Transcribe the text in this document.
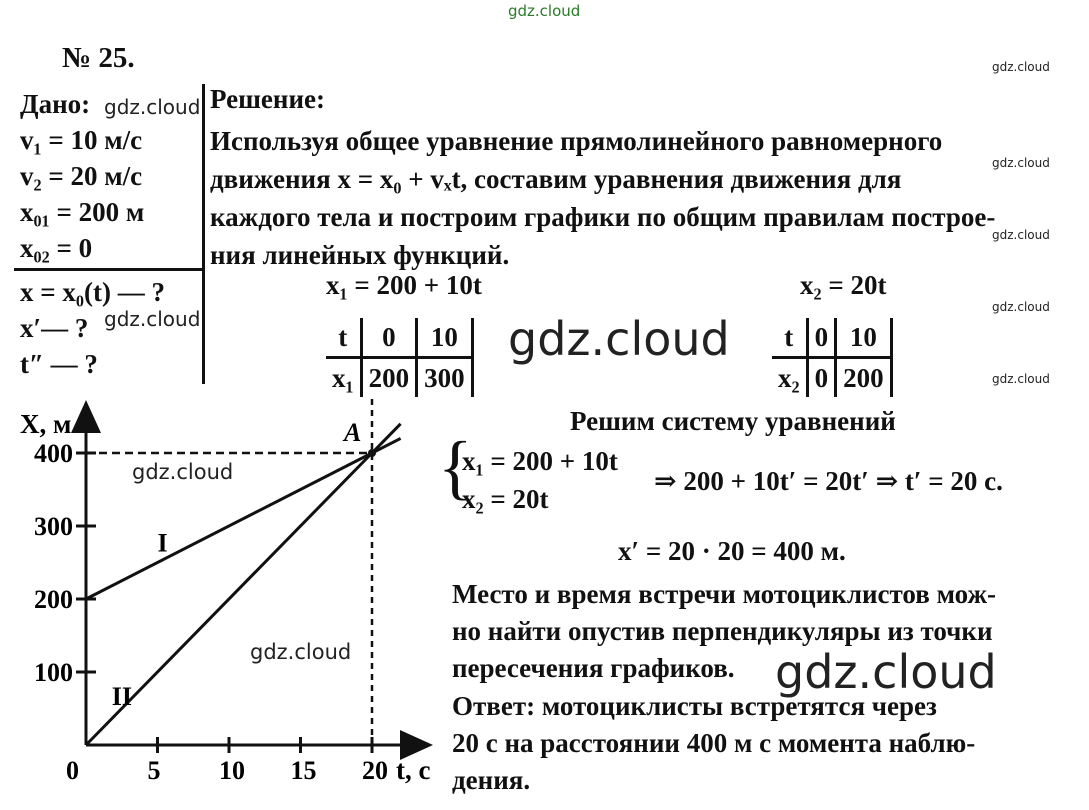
gdz.cloud
gdz.cloud
gdz.cloud
gdz.cloud
gdz.cloud
gdz.cloud
gdz.cloud
gdz.cloud
gdz.cloud
gdz.cloud
gdz.cloud
gdz.cloud
№ 25.
Дано:
v₁ = 10 м/с
v₂ = 20 м/с
x₀₁ = 200 м
x₀₂ = 0
x = x₀(t) — ?
x′— ?
t″ — ?
Решение:
Используя общее уравнение прямолинейного равномерного
движения x = x₀ + vₓt, составим уравнения движения для
каждого тела и построим графики по общим правилам построе-
ния линейных функций.
x₁ = 200 + 10t	x₂ = 20t
t	0	10
x₁	200	300
t	0	10
x₂	0	200
Решим систему уравнений
{
x₁ = 200 + 10t
x₂ = 20t
⇒ 200 + 10t′ = 20t′ ⇒ t′ = 20 с.
x′ = 20 · 20 = 400 м.
Место и время встречи мотоциклистов мож-
но найти опустив перпендикуляры из точки
пересечения графиков.
Ответ: мотоциклисты встретятся через
20 с на расстоянии 400 м с момента наблю-
дения.
X, м
t, с
0	5 10 15 20
100
200
300
400
I
II
A
